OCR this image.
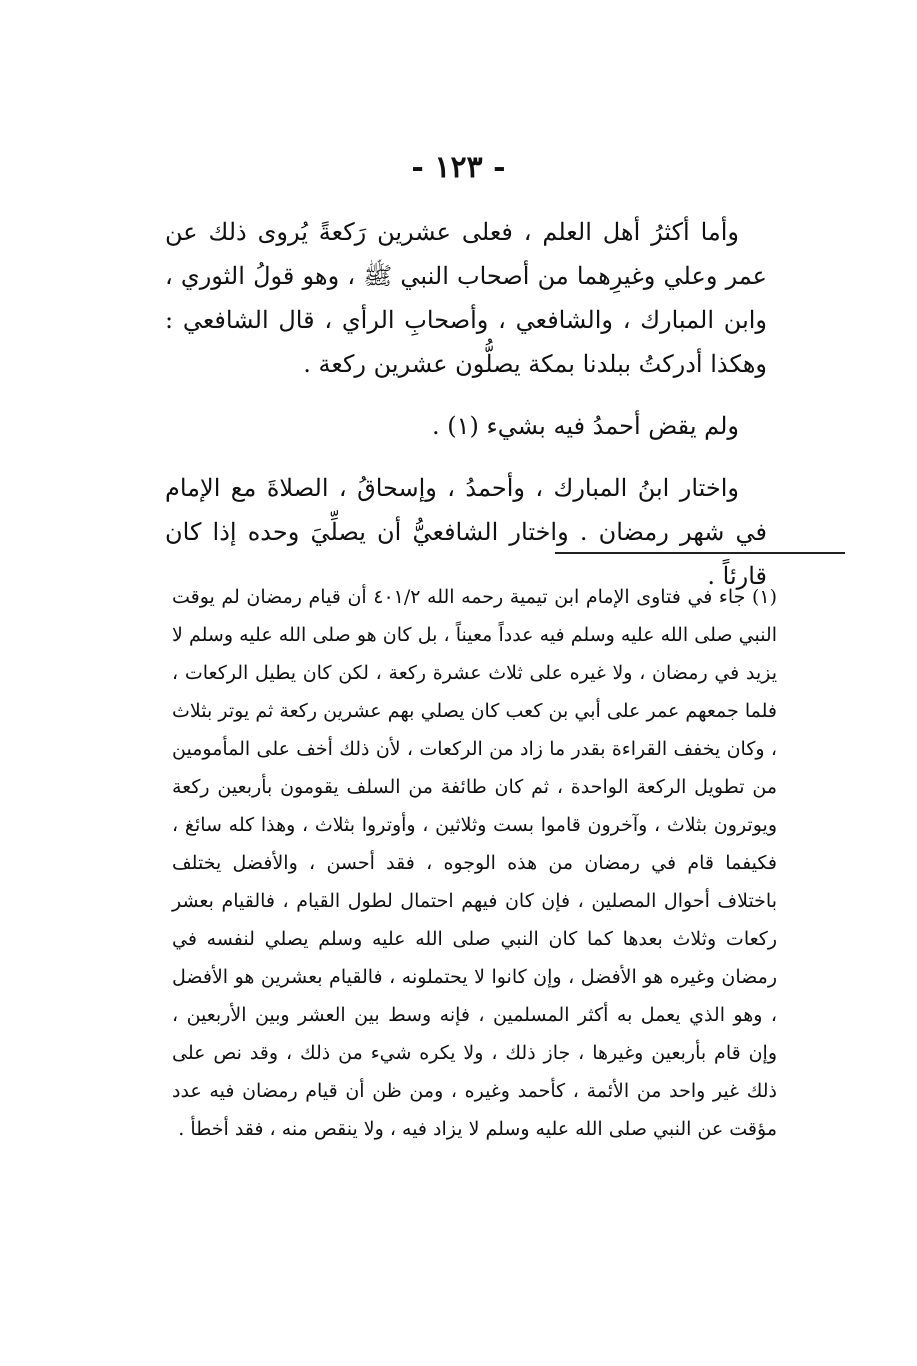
- ١٢٣ -

وأما أكثرُ أهل العلم ، فعلى عشرين رَكعةً يُروى ذلك عن عمر وعلي وغيرِهما من أصحاب النبي ﷺ ، وهو قولُ الثوري ، وابن المبارك ، والشافعي ، وأصحابِ الرأي ، قال الشافعي : وهكذا أدركتُ ببلدنا بمكة يصلُّون عشرين ركعة .

ولم يقض أحمدُ فيه بشيء (١) .

واختار ابنُ المبارك ، وأحمدُ ، وإسحاقُ ، الصلاةَ مع الإمام في شهر رمضان . واختار الشافعيُّ أن يصلِّيَ وحده إذا كان قارئاً .

(١) جاء في فتاوى الإمام ابن تيمية رحمه الله ٤٠١/٢ أن قيام رمضان لم يوقت النبي صلى الله عليه وسلم فيه عدداً معيناً ، بل كان هو صلى الله عليه وسلم لا يزيد في رمضان ، ولا غيره على ثلاث عشرة ركعة ، لكن كان يطيل الركعات ، فلما جمعهم عمر على أبي بن كعب كان يصلي بهم عشرين ركعة ثم يوتر بثلاث ، وكان يخفف القراءة بقدر ما زاد من الركعات ، لأن ذلك أخف على المأمومين من تطويل الركعة الواحدة ، ثم كان طائفة من السلف يقومون بأربعين ركعة ويوترون بثلاث ، وآخرون قاموا بست وثلاثين ، وأوتروا بثلاث ، وهذا كله سائغ ، فكيفما قام في رمضان من هذه الوجوه ، فقد أحسن ، والأفضل يختلف باختلاف أحوال المصلين ، فإن كان فيهم احتمال لطول القيام ، فالقيام بعشر ركعات وثلاث بعدها كما كان النبي صلى الله عليه وسلم يصلي لنفسه في رمضان وغيره هو الأفضل ، وإن كانوا لا يحتملونه ، فالقيام بعشرين هو الأفضل ، وهو الذي يعمل به أكثر المسلمين ، فإنه وسط بين العشر وبين الأربعين ، وإن قام بأربعين وغيرها ، جاز ذلك ، ولا يكره شيء من ذلك ، وقد نص على ذلك غير واحد من الأئمة ، كأحمد وغيره ، ومن ظن أن قيام رمضان فيه عدد مؤقت عن النبي صلى الله عليه وسلم لا يزاد فيه ، ولا ينقص منه ، فقد أخطأ .
